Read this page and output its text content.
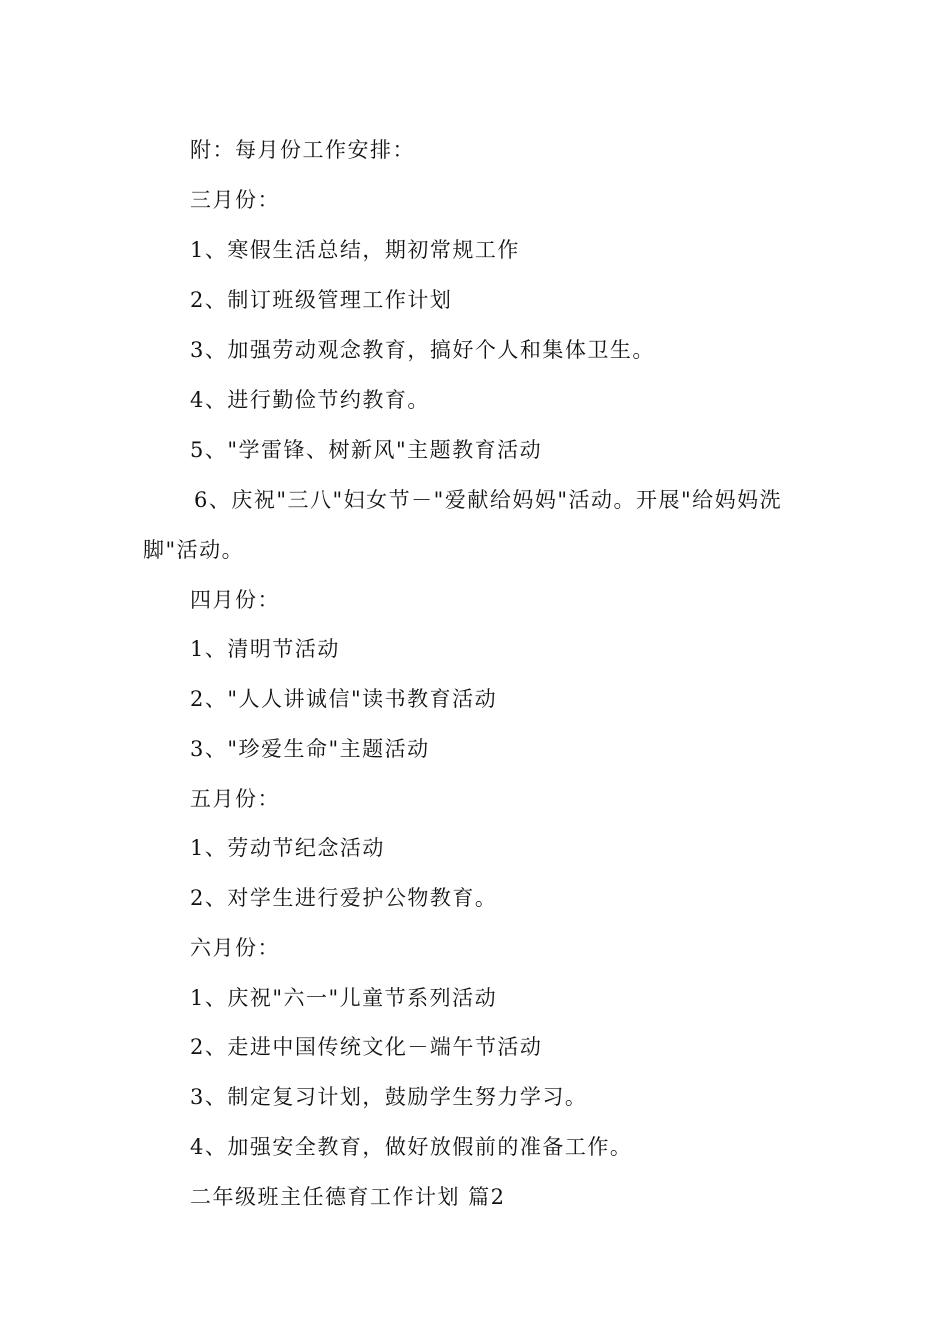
附：每月份工作安排：
三月份：
1、寒假生活总结，期初常规工作
2、制订班级管理工作计划
3、加强劳动观念教育，搞好个人和集体卫生。
4、进行勤俭节约教育。
5、"学雷锋、树新风"主题教育活动
6、庆祝"三八"妇女节－"爱献给妈妈"活动。开展"给妈妈洗
脚"活动。
四月份：
1、清明节活动
2、"人人讲诚信"读书教育活动
3、"珍爱生命"主题活动
五月份：
1、劳动节纪念活动
2、对学生进行爱护公物教育。
六月份：
1、庆祝"六一"儿童节系列活动
2、走进中国传统文化－端午节活动
3、制定复习计划，鼓励学生努力学习。
4、加强安全教育，做好放假前的准备工作。
二年级班主任德育工作计划 篇2
